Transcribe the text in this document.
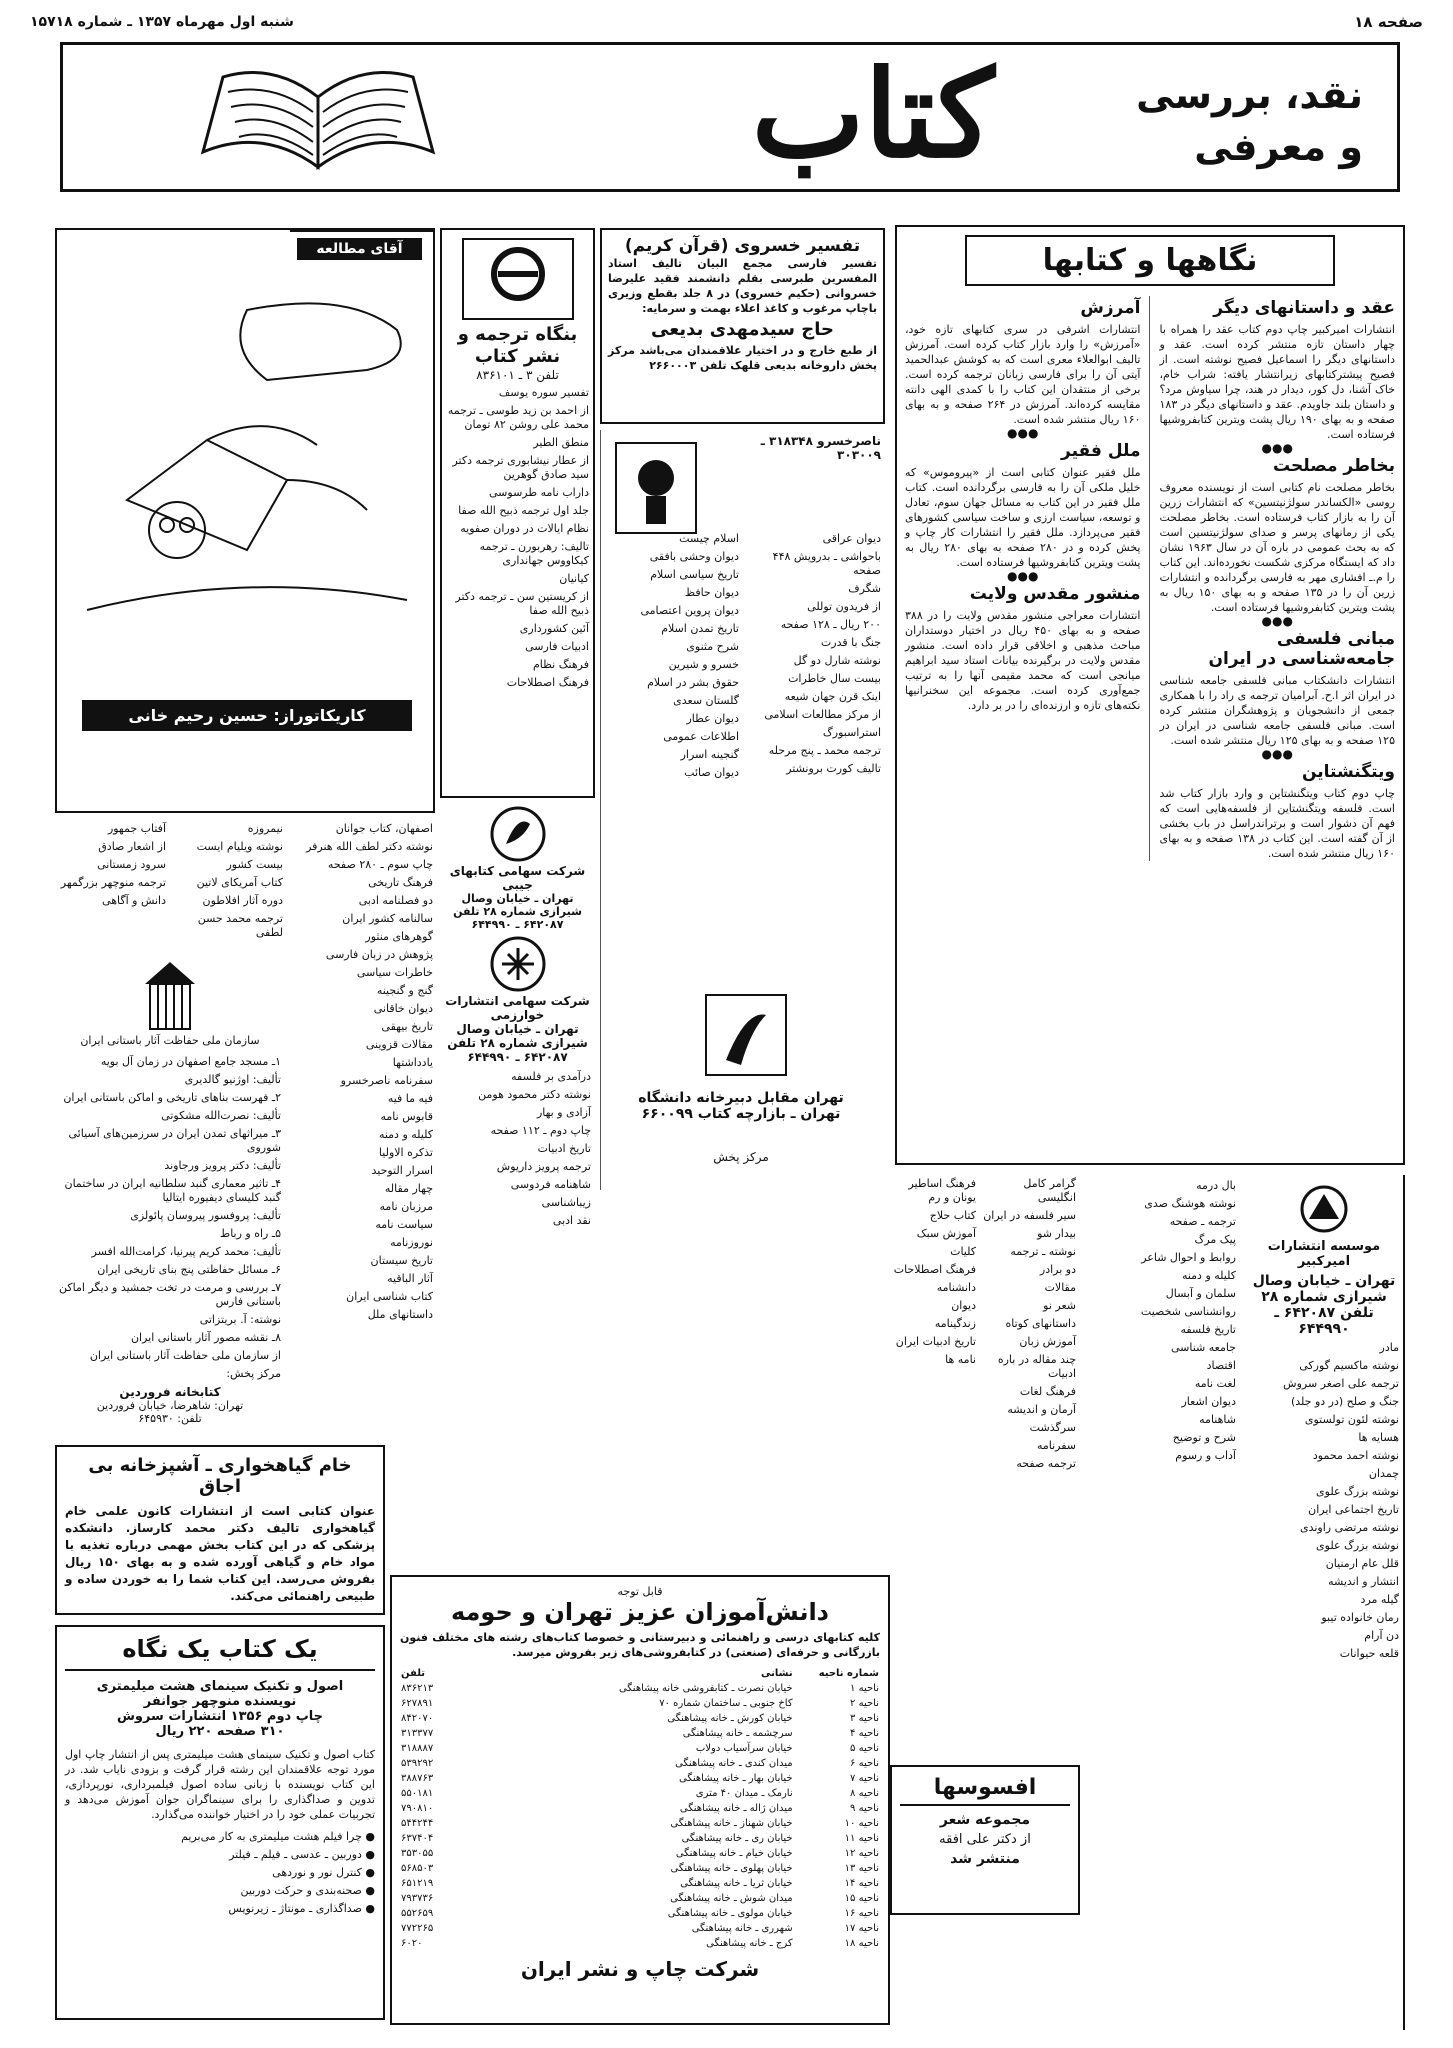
صفحه ۱۸
شنبه اول مهرماه ۱۳۵۷ ـ شماره ۱۵۷۱۸
کتاب	نقد، بررسی
و معرفی
نگاهها و کتابها
عقد و داستانهای دیگر
انتشارات امیرکبیر چاپ دوم کتاب عقد را همراه با چهار داستان تازه منتشر کرده است. عقد و داستانهای دیگر را اسماعیل فصیح نوشته است. از فصیح پیشترکتابهای زیرانتشار یافته: شراب خام، خاک آشنا، دل کور، دیدار در هند، چرا سیاوش مرد؟ و داستان بلند جاویدم. عقد و داستانهای دیگر در ۱۸۳ صفحه و به بهای ۱۹۰ ریال پشت ویترین کتابفروشیها فرستاده است.
●●●
بخاطر مصلحت
بخاطر مصلحت نام کتابی است از نویسنده معروف روسی «الکساندر سولژنیتسین» که انتشارات زرین آن را به بازار کتاب فرستاده است. بخاطر مصلحت یکی از رمانهای پرسر و صدای سولژنیتسین است که به بحث عمومی در باره آن در سال ۱۹۶۳ نشان داد که ایستگاه مرکزی شکست نخورده‌اند. این کتاب را م.ـ افشاری مهر به فارسی برگردانده و انتشارات زرین آن را در ۱۳۵ صفحه و به بهای ۱۵۰ ریال به پشت ویترین کتابفروشیها فرستاده است.
●●●
مبانی فلسفی جامعه‌شناسی در ایران
انتشارات دانشکتاب مبانی فلسفی جامعه شناسی در ایران اثر ا.ح. آبرامیان ترجمه ی راد را با همکاری جمعی از دانشجویان و پژوهشگران منتشر کرده است. مبانی فلسفی جامعه شناسی در ایران در ۱۲۵ صفحه و به بهای ۱۲۵ ریال منتشر شده است.
●●●
ویتگنشتاین
چاپ دوم کتاب ویتگنشتاین و وارد بازار کتاب شد است. فلسفه ویتگنشتاین از فلسفه‌هایی است که فهم آن دشوار است و برتراندراسل در باب بخشی از آن گفته است. این کتاب در ۱۳۸ صفحه و به بهای ۱۶۰ ریال منتشر شده است.
آمرزش
انتشارات اشرفی در سری کتابهای تازه خود، «آمرزش» را وارد بازار کتاب کرده است. آمرزش تالیف ابوالعلاء معری است که به کوشش عبدالحمید آیتی آن را برای فارسی زبانان ترجمه کرده است. برخی از منتقدان این کتاب را با کمدی الهی دانته مقایسه کرده‌اند. آمرزش در ۲۶۴ صفحه و به بهای ۱۶۰ ریال منتشر شده است.
●●●
ملل فقیر
ملل فقیر عنوان کتابی است از «پیروموس» که خلیل ملکی آن را به فارسی برگردانده است. کتاب ملل فقیر در این کتاب به مسائل جهان سوم، تعادل و توسعه، سیاست ارزی و ساخت سیاسی کشورهای فقیر می‌پردازد. ملل فقیر را انتشارات کار چاپ و پخش کرده و در ۲۸۰ صفحه به بهای ۲۸۰ ریال به پشت ویترین کتابفروشیها فرستاده است.
●●●
منشور مقدس ولایت
انتشارات معراجی منشور مقدس ولایت را در ۳۸۸ صفحه و به بهای ۴۵۰ ریال در اختیار دوستداران مباحث مذهبی و اخلاقی قرار داده است. منشور مقدس ولایت در برگیرنده بیانات استاد سید ابراهیم میانجی است که محمد مقیمی آنها را به ترتیب جمع‌آوری کرده است. مجموعه این سخنرانیها نکته‌های تازه و ارزنده‌ای را در بر دارد.
تفسیر خسروی (قرآن کریم)
تفسیر فارسی مجمع البیان تالیف استاد المفسرین طبرسی بقلم دانشمند فقید علیرضا خسروانی (حکیم خسروی) در ۸ جلد بقطع وزیری باچاپ مرغوب و کاغذ اعلاء بهمت و سرمایه:
حاج سیدمهدی بدیعی
از طبع خارج و در اختیار علاقمندان می‌باشد مرکز پخش داروخانه بدیعی قلهک تلفن ۲۶۶۰۰۰۳
ناصرخسرو ۳۱۸۳۴۸ ـ ۳۰۳۰۰۹
دیوان عراقی
باحواشی ـ بدرویش ۴۴۸ صفحه
شگرف
از فریدون توللی
۲۰۰ ریال ـ ۱۲۸ صفحه
جنگ با قدرت
نوشته شارل دو گل
بیست سال خاطرات
اینک قرن جهان شیعه
از مرکز مطالعات اسلامی
استراسبورگ
ترجمه محمد ـ پنج مرحله
تالیف کورت برونشتر
اسلام چیست
دیوان وحشی بافقی
تاریخ سیاسی اسلام
دیوان حافظ
دیوان پروین اعتصامی
تاریخ تمدن اسلام
شرح مثنوی
خسرو و شیرین
حقوق بشر در اسلام
گلستان سعدی
دیوان عطار
اطلاعات عمومی
گنجینه اسرار
دیوان صائب
تهران مقابل دبیرخانه دانشگاه تهران ـ بازارچه کتاب ۶۶۰۰۹۹
مرکز پخش
بنگاه ترجمه و نشر کتاب
تلفن ۳ ـ ۸۳۶۱۰۱
تفسیر سوره یوسف
از احمد بن زید طوسی ـ ترجمه محمد علی روشن ۸۲ تومان
منطق الطیر
از عطار نیشابوری ترجمه دکتر سید صادق گوهرین
داراب نامه طرسوسی
جلد اول ترجمه ذبیح الله صفا
نظام ایالات در دوران صفویه
تالیف: رهربورن ـ ترجمه کیکاووس جهانداری
کیانیان
از کریستین سن ـ ترجمه دکتر ذبیح الله صفا
آئین کشورداری
ادبیات فارسی
فرهنگ نظام
فرهنگ اصطلاحات
شرکت سهامی کتابهای جیبی
تهران ـ خیابان وصال شیرازی شماره ۲۸ تلفن ۶۴۲۰۸۷ ـ ۶۴۴۹۹۰
شرکت سهامی انتشارات خوارزمی
تهران ـ خیابان وصال شیرازی شماره ۲۸ تلفن ۶۴۲۰۸۷ ـ ۶۴۴۹۹۰
درآمدی بر فلسفه
نوشته دکتر محمود هومن
آزادی و بهار
چاپ دوم ـ ۱۱۲ صفحه
تاریخ ادبیات
ترجمه پرویز داریوش
شاهنامه فردوسی
زیباشناسی
نقد ادبی
اصفهان، کتاب جوانان
نوشته دکتر لطف الله هنرفر
چاپ سوم ـ ۲۸۰ صفحه
فرهنگ تاریخی
دو فصلنامه ادبی
سالنامه کشور ایران
گوهرهای منثور
پژوهش در زبان فارسی
خاطرات سیاسی
گنج و گنجینه
دیوان خاقانی
تاریخ بیهقی
مقالات قزوینی
یادداشتها
سفرنامه ناصرخسرو
فیه ما فیه
قابوس نامه
کلیله و دمنه
تذکره الاولیا
اسرار التوحید
چهار مقاله
مرزبان نامه
سیاست نامه
نوروزنامه
تاریخ سیستان
آثار الباقیه
کتاب شناسی ایران
داستانهای ملل
آقای مطالعه
کاریکاتوراز: حسین رحیم خانی
نیمروزه
نوشته ویلیام ایست
بیست کشور
کتاب آمریکای لاتین
دوره آثار افلاطون
ترجمه محمد حسن لطفی
آفتاب جمهور
از اشعار صادق
سرود زمستانی
ترجمه منوچهر بزرگمهر
دانش و آگاهی
سازمان ملی حفاظت آثار باستانی ایران
۱ـ مسجد جامع اصفهان در زمان آل بویه
تألیف: اوژنیو گالدیری
۲ـ فهرست بناهای تاریخی و اماکن باستانی ایران
تألیف: نصرت‌الله مشکوتی
۳ـ میراثهای تمدن ایران در سرزمین‌های آسیائی شوروی
تألیف: دکتر پرویز ورجاوند
۴ـ تاثیر معماری گنبد سلطانیه ایران در ساختمان گنبد کلیسای دیفیوره ایتالیا
تألیف: پروفسور پیروسان پائولزی
۵ـ راه و رباط
تألیف: محمد کریم پیرنیا، کرامت‌الله افسر
۶ـ مسائل حفاظتی پنج بنای تاریخی ایران
۷ـ بررسی و مرمت در تخت جمشید و دیگر اماکن باستانی فارس
نوشته: آ. بریتزاتی
۸ـ نقشه مصور آثار باستانی ایران
از سازمان ملی حفاظت آثار باستانی ایران
مرکز پخش:
کتابخانه فروردین
تهران: شاهرضا، خیابان فروردین
تلفن: ۶۴۵۹۳۰
خام گیاهخواری ـ آشپزخانه بی اجاق
عنوان کتابی است از انتشارات کانون علمی خام گیاهخواری تالیف دکتر محمد کارساز. دانشکده پزشکی که در این کتاب بخش مهمی درباره تغذیه با مواد خام و گیاهی آورده شده و به بهای ۱۵۰ ریال بفروش می‌رسد. این کتاب شما را به خوردن ساده و طبیعی راهنمائی می‌کند.
یک کتاب یک نگاه
اصول و تکنیک سینمای هشت میلیمتری
نویسنده منوچهر جوانفر
چاپ دوم ۱۳۵۶ انتشارات سروش
۳۱۰ صفحه ۲۲۰ ریال
کتاب اصول و تکنیک سینمای هشت میلیمتری پس از انتشار چاپ اول مورد توجه علاقمندان این رشته قرار گرفت و بزودی نایاب شد. در این کتاب نویسنده با زبانی ساده اصول فیلمبرداری، نورپردازی، تدوین و صداگذاری را برای سینماگران جوان آموزش می‌دهد و تجربیات عملی خود را در اختیار خواننده می‌گذارد.
● چرا فیلم هشت میلیمتری به کار می‌بریم
● دوربین ـ عدسی ـ فیلم ـ فیلتر
● کنترل نور و نوردهی
● صحنه‌بندی و حرکت دوربین
● صداگذاری ـ مونتاژ ـ زیرنویس
قابل توجه
دانش‌آموزان عزیز تهران و حومه
کلیه کتابهای درسی و راهنمائی و دبیرستانی و خصوصا کتاب‌های رشته های مختلف فنون بازرگانی و حرفه‌ای (صنعتی) در کتابفروشی‌های زیر بفروش میرسد.
شماره ناحیه	نشانی	تلفن
ناحیه ۱	خیابان نصرت ـ کتابفروشی خانه پیشاهنگی	۸۳۶۲۱۳
ناحیه ۲	کاخ جنوبی ـ ساختمان شماره ۷۰	۶۲۷۸۹۱
ناحیه ۳	خیابان کورش ـ خانه پیشاهنگی	۸۴۲۰۷۰
ناحیه ۴	سرچشمه ـ خانه پیشاهنگی	۳۱۳۳۷۷
ناحیه ۵	خیابان سرآسیاب دولاب	۳۱۸۸۸۷
ناحیه ۶	میدان کندی ـ خانه پیشاهنگی	۵۳۹۲۹۲
ناحیه ۷	خیابان بهار ـ خانه پیشاهنگی	۳۸۸۷۶۳
ناحیه ۸	نارمک ـ میدان ۴۰ متری	۵۵۰۱۸۱
ناحیه ۹	میدان ژاله ـ خانه پیشاهنگی	۷۹۰۸۱۰
ناحیه ۱۰	خیابان شهناز ـ خانه پیشاهنگی	۵۴۴۲۴۴
ناحیه ۱۱	خیابان ری ـ خانه پیشاهنگی	۶۳۷۴۰۴
ناحیه ۱۲	خیابان خیام ـ خانه پیشاهنگی	۳۵۳۰۵۵
ناحیه ۱۳	خیابان پهلوی ـ خانه پیشاهنگی	۵۶۸۵۰۳
ناحیه ۱۴	خیابان ثریا ـ خانه پیشاهنگی	۶۵۱۲۱۹
ناحیه ۱۵	میدان شوش ـ خانه پیشاهنگی	۷۹۳۷۳۶
ناحیه ۱۶	خیابان مولوی ـ خانه پیشاهنگی	۵۵۲۶۵۹
ناحیه ۱۷	شهرری ـ خانه پیشاهنگی	۷۷۲۲۶۵
ناحیه ۱۸	کرج ـ خانه پیشاهنگی	۶۰۲۰
شرکت چاپ و نشر ایران
موسسه انتشارات امیرکبیر
تهران ـ خیابان وصال شیرازی شماره ۲۸ تلفن ۶۴۲۰۸۷ ـ ۶۴۴۹۹۰
مادر
نوشته ماکسیم گورکی
ترجمه علی اصغر سروش
جنگ و صلح (در دو جلد)
نوشته لئون تولستوی
هسایه ها
نوشته احمد محمود
چمدان
نوشته بزرگ علوی
تاریخ اجتماعی ایران
نوشته مرتضی راوندی
نوشته بزرگ علوی
قلل عام ارمنیان
انتشار و اندیشه
گیله مرد
رمان خانواده تیبو
دن آرام
قلعه حیوانات
بال درمه
نوشته هوشنگ صدی
ترجمه ـ صفحه
پیک مرگ
روابط و احوال شاعر
کلیله و دمنه
سلمان و آبسال
روانشناسی شخصیت
تاریخ فلسفه
جامعه شناسی
اقتصاد
لغت نامه
دیوان اشعار
شاهنامه
شرح و توضیح
آداب و رسوم
گرامر کامل انگلیسی
سیر فلسفه در ایران
بیدار شو
نوشته ـ ترجمه
دو برادر
مقالات
شعر نو
داستانهای کوتاه
آموزش زبان
چند مقاله در باره ادبیات
فرهنگ لغات
آرمان و اندیشه
سرگذشت
سفرنامه
ترجمه صفحه
فرهنگ اساطیر یونان و رم
کتاب حلاج
آموزش سبک
کلیات
فرهنگ اصطلاحات
دانشنامه
دیوان
زندگینامه
تاریخ ادبیات ایران
نامه ها
افسوسها
مجموعه شعر
از دکتر علی افقه
منتشر شد
